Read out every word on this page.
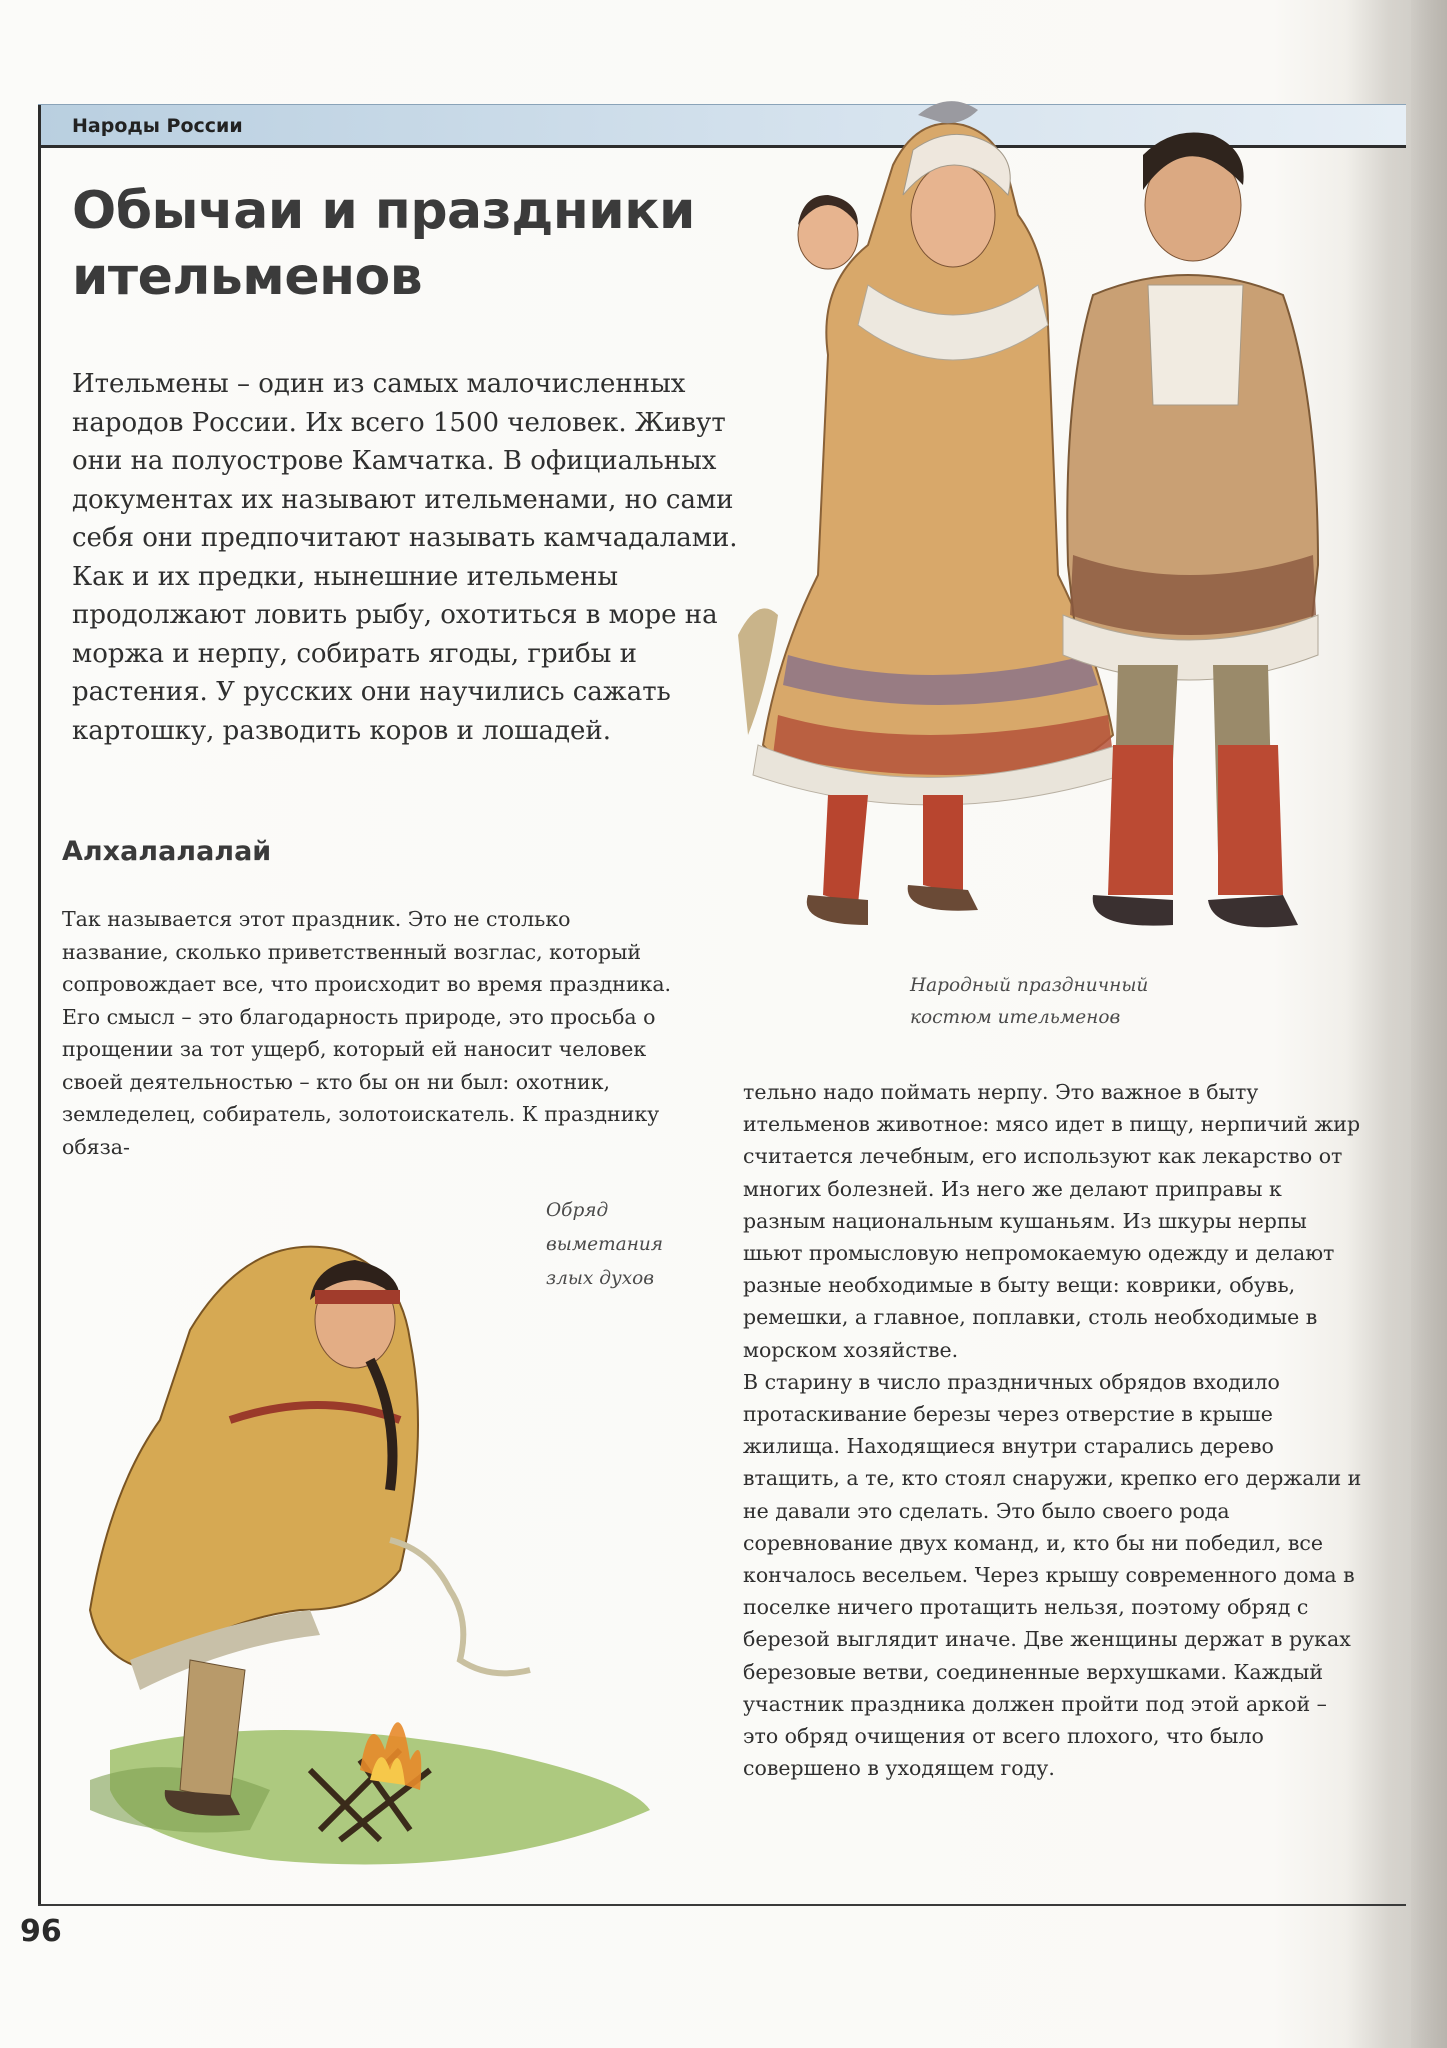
Народы России
Обычаи и праздники ительменов

Ительмены – один из самых малочисленных народов России. Их всего 1500 человек. Живут они на полуострове Камчатка. В официальных документах их называют ительменами, но сами себя они предпочитают называть камчадалами. Как и их предки, нынешние ительмены продолжают ловить рыбу, охотиться в море на моржа и нерпу, собирать ягоды, грибы и растения. У русских они научились сажать картошку, разводить коров и лошадей.

Народный праздничный костюм ительменов
Алхалалалай

Так называется этот праздник. Это не столько название, сколько приветственный возглас, который сопровождает все, что происходит во время праздника. Его смысл – это благодарность природе, это просьба о прощении за тот ущерб, который ей наносит человек своей деятельностью – кто бы он ни был: охотник, земледелец, собиратель, золотоискатель. К празднику обяза-

Обряд выметания злых духов

тельно надо поймать нерпу. Это важное в быту ительменов животное: мясо идет в пищу, нерпичий жир считается лечебным, его используют как лекарство от многих болезней. Из него же делают приправы к разным национальным кушаньям. Из шкуры нерпы шьют промысловую непромокаемую одежду и делают разные необходимые в быту вещи: коврики, обувь, ремешки, а главное, поплавки, столь необходимые в морском хозяйстве.

В старину в число праздничных обрядов входило протаскивание березы через отверстие в крыше жилища. Находящиеся внутри старались дерево втащить, а те, кто стоял снаружи, крепко его держали и не давали это сделать. Это было своего рода соревнование двух команд, и, кто бы ни победил, все кончалось весельем. Через крышу современного дома в поселке ничего протащить нельзя, поэтому обряд с березой выглядит иначе. Две женщины держат в руках березовые ветви, соединенные верхушками. Каждый участник праздника должен пройти под этой аркой – это обряд очищения от всего плохого, что было совершено в уходящем году.

96
